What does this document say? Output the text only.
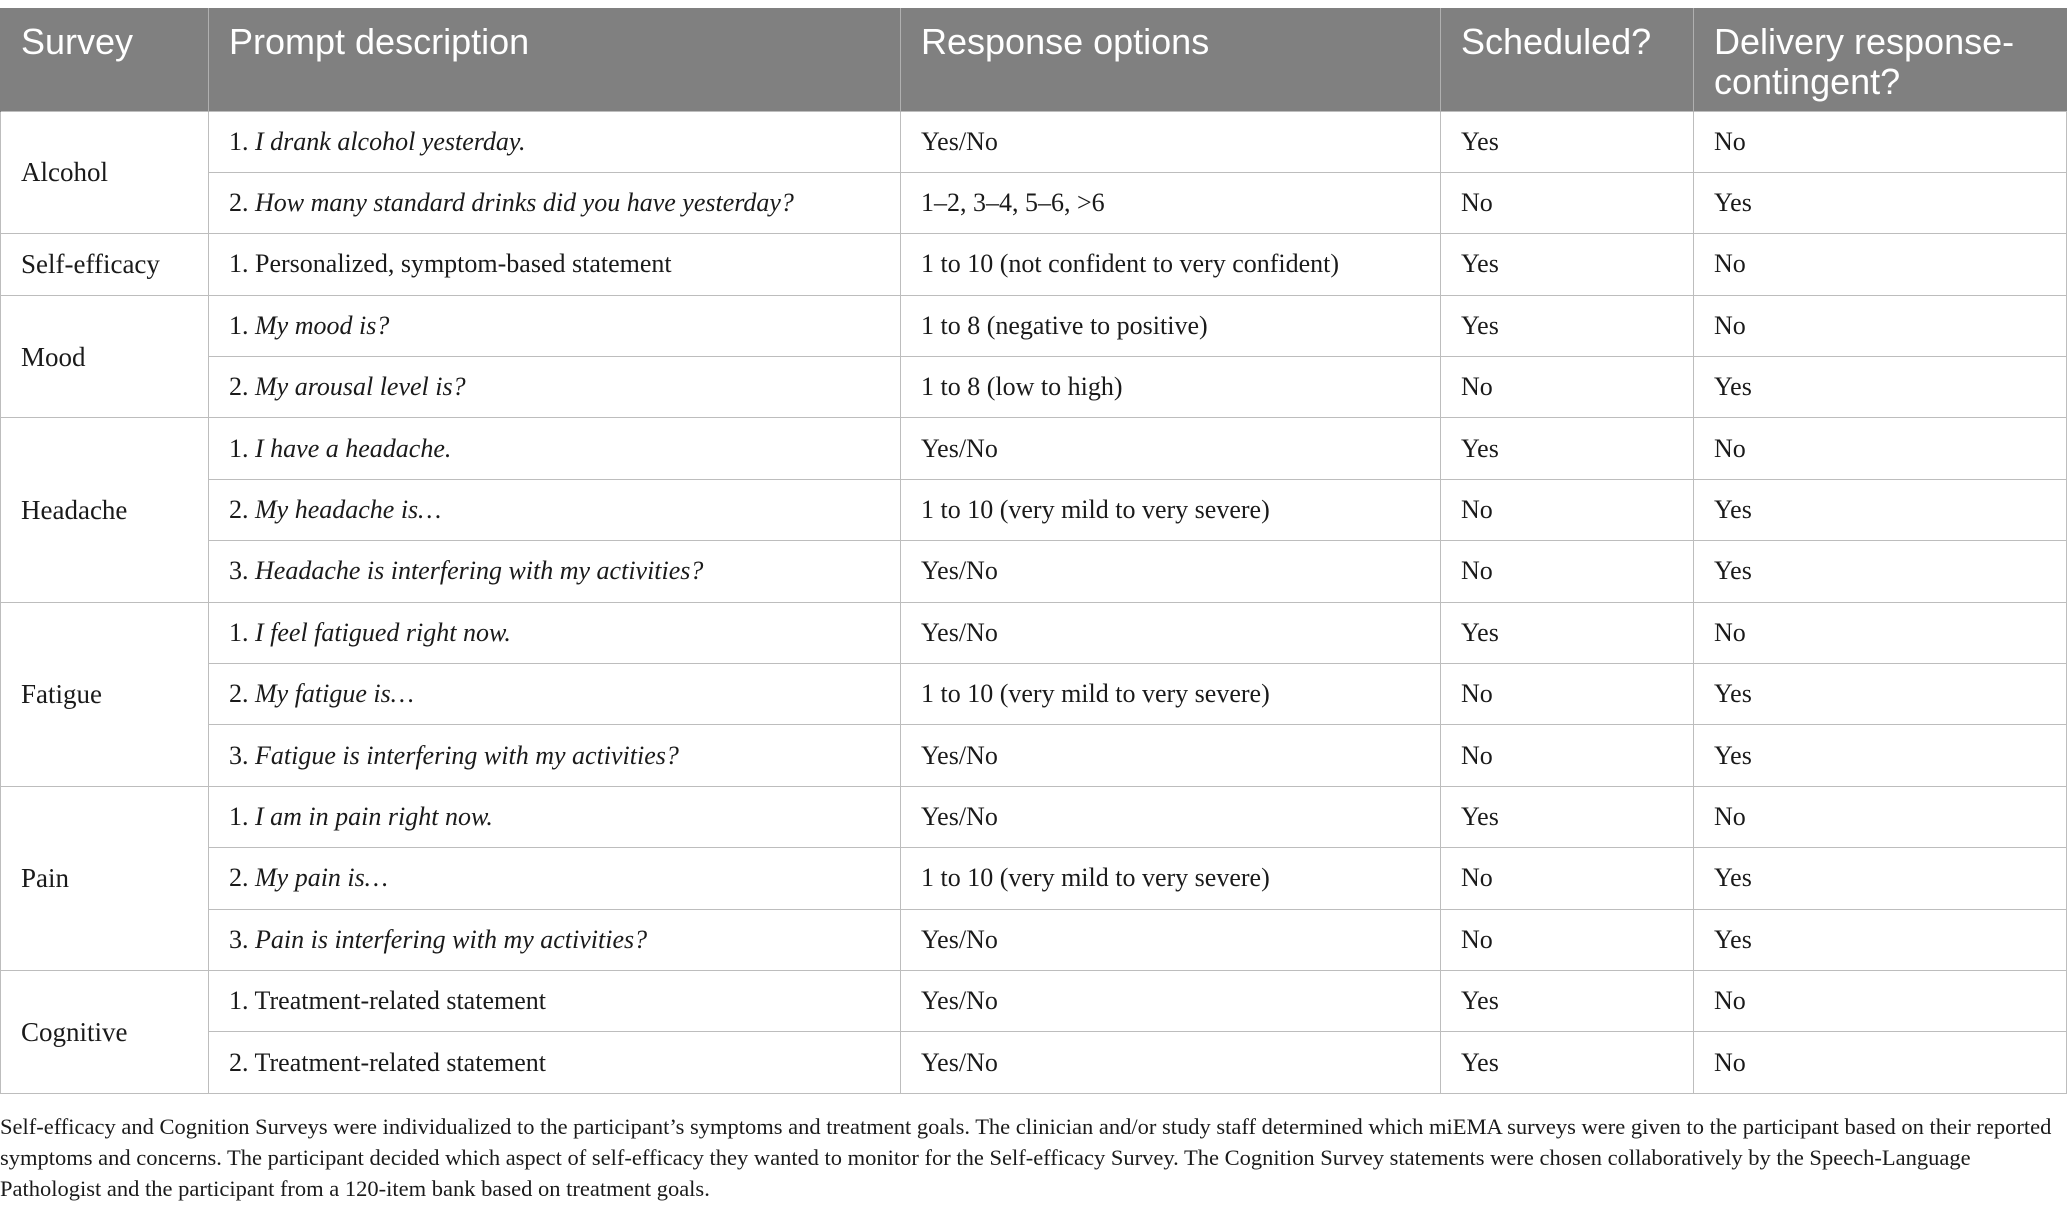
Survey	Prompt description	Response options	Scheduled?	Delivery response-
contingent?
Alcohol	1. I drank alcohol yesterday.	Yes/No	Yes	No
	2. How many standard drinks did you have yesterday?	1–2, 3–4, 5–6, >6	No	Yes
Self-efficacy	1. Personalized, symptom-based statement	1 to 10 (not confident to very confident)	Yes	No
Mood	1. My mood is?	1 to 8 (negative to positive)	Yes	No
	2. My arousal level is?	1 to 8 (low to high)	No	Yes
Headache	1. I have a headache.	Yes/No	Yes	No
	2. My headache is…	1 to 10 (very mild to very severe)	No	Yes
	3. Headache is interfering with my activities?	Yes/No	No	Yes
Fatigue	1. I feel fatigued right now.	Yes/No	Yes	No
	2. My fatigue is…	1 to 10 (very mild to very severe)	No	Yes
	3. Fatigue is interfering with my activities?	Yes/No	No	Yes
Pain	1. I am in pain right now.	Yes/No	Yes	No
	2. My pain is…	1 to 10 (very mild to very severe)	No	Yes
	3. Pain is interfering with my activities?	Yes/No	No	Yes
Cognitive	1. Treatment-related statement	Yes/No	Yes	No
	2. Treatment-related statement	Yes/No	Yes	No

Self-efficacy and Cognition Surveys were individualized to the participant’s symptoms and treatment goals. The clinician and/or study staff determined which miEMA surveys were given to the participant based on their reported symptoms and concerns. The participant decided which aspect of self-efficacy they wanted to monitor for the Self-efficacy Survey. The Cognition Survey statements were chosen collaboratively by the Speech-Language Pathologist and the participant from a 120-item bank based on treatment goals.
